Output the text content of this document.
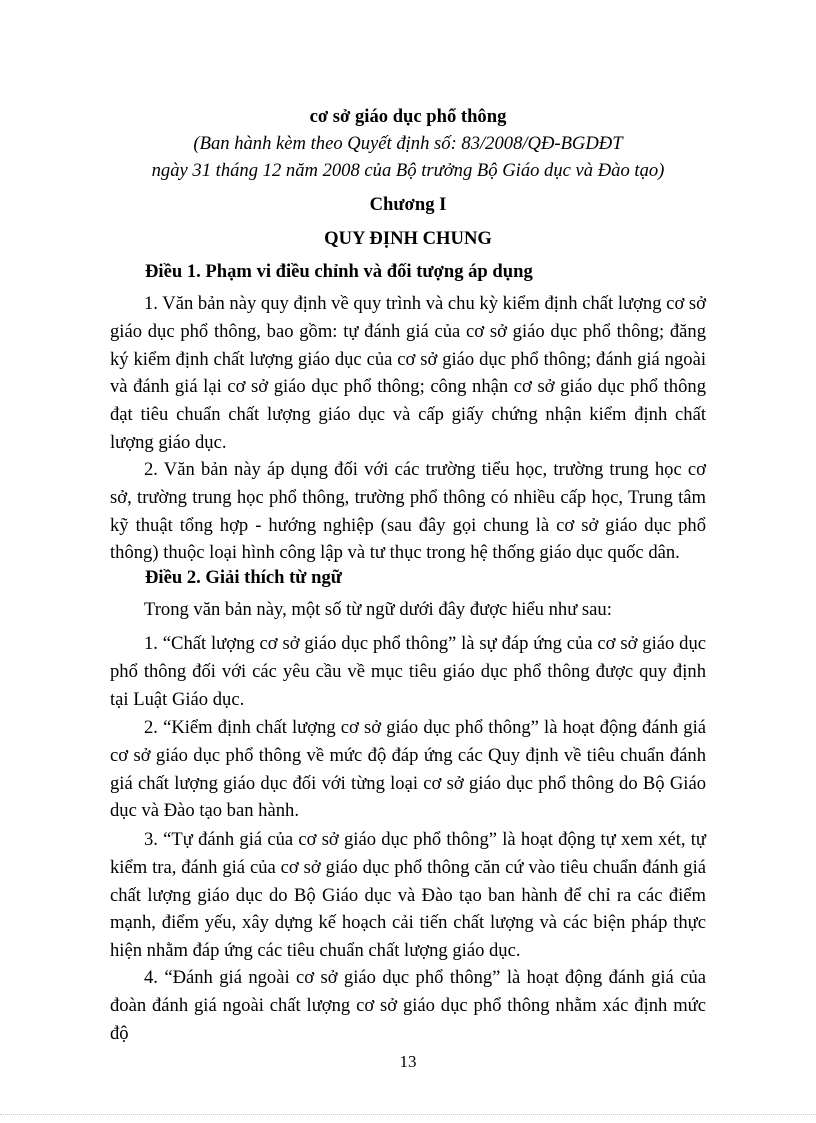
cơ sở giáo dục phổ thông
(Ban hành kèm theo Quyết định số: 83/2008/QĐ-BGDĐT
ngày 31 tháng 12 năm 2008 của Bộ trưởng Bộ Giáo dục và Đào tạo)
Chương I
QUY ĐỊNH CHUNG
Điều 1. Phạm vi điều chỉnh và đối tượng áp dụng
1. Văn bản này quy định về quy trình và chu kỳ kiểm định chất lượng cơ sở giáo dục phổ thông, bao gồm: tự đánh giá của cơ sở giáo dục phổ thông; đăng ký kiểm định chất lượng giáo dục của cơ sở giáo dục phổ thông; đánh giá ngoài và đánh giá lại cơ sở giáo dục phổ thông; công nhận cơ sở giáo dục phổ thông đạt tiêu chuẩn chất lượng giáo dục và cấp giấy chứng nhận kiểm định chất lượng giáo dục.
2. Văn bản này áp dụng đối với các trường tiểu học, trường trung học cơ sở, trường trung học phổ thông, trường phổ thông có nhiều cấp học, Trung tâm kỹ thuật tổng hợp - hướng nghiệp (sau đây gọi chung là cơ sở giáo dục phổ thông) thuộc loại hình công lập và tư thục trong hệ thống giáo dục quốc dân.
Điều 2. Giải thích từ ngữ
Trong văn bản này, một số từ ngữ dưới đây được hiểu như sau:
1. “Chất lượng cơ sở giáo dục phổ thông” là sự đáp ứng của cơ sở giáo dục phổ thông đối với các yêu cầu về mục tiêu giáo dục phổ thông được quy định tại Luật Giáo dục.
2. “Kiểm định chất lượng cơ sở giáo dục phổ thông” là hoạt động đánh giá cơ sở giáo dục phổ thông về mức độ đáp ứng các Quy định về tiêu chuẩn đánh giá chất lượng giáo dục đối với từng loại cơ sở giáo dục phổ thông do Bộ Giáo dục và Đào tạo ban hành.
3. “Tự đánh giá của cơ sở giáo dục phổ thông” là hoạt động tự xem xét, tự kiểm tra, đánh giá của cơ sở giáo dục phổ thông căn cứ vào tiêu chuẩn đánh giá chất lượng giáo dục do Bộ Giáo dục và Đào tạo ban hành để chỉ ra các điểm mạnh, điểm yếu, xây dựng kế hoạch cải tiến chất lượng và các biện pháp thực hiện nhằm đáp ứng các tiêu chuẩn chất lượng giáo dục.
4. “Đánh giá ngoài cơ sở giáo dục phổ thông” là hoạt động đánh giá của đoàn đánh giá ngoài chất lượng cơ sở giáo dục phổ thông nhằm xác định mức độ
13
